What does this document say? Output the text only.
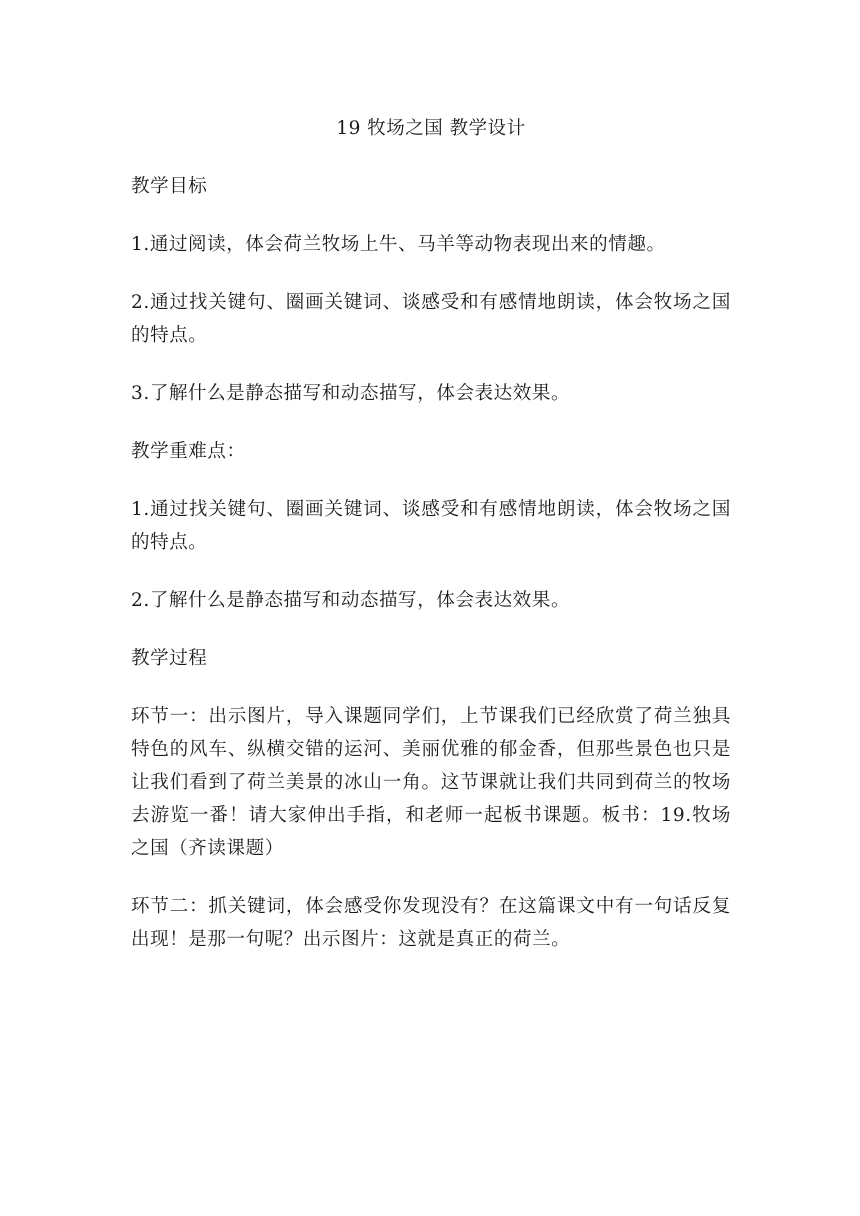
19 牧场之国 教学设计
教学目标
1.通过阅读，体会荷兰牧场上牛、马羊等动物表现出来的情趣。
2.通过找关键句、圈画关键词、谈感受和有感情地朗读，体会牧场之国的特点。
3.了解什么是静态描写和动态描写，体会表达效果。
教学重难点：
1.通过找关键句、圈画关键词、谈感受和有感情地朗读，体会牧场之国的特点。
2.了解什么是静态描写和动态描写，体会表达效果。
教学过程
环节一：出示图片，导入课题同学们，上节课我们已经欣赏了荷兰独具特色的风车、纵横交错的运河、美丽优雅的郁金香，但那些景色也只是让我们看到了荷兰美景的冰山一角。这节课就让我们共同到荷兰的牧场去游览一番！请大家伸出手指，和老师一起板书课题。板书：19.牧场之国（齐读课题）
环节二：抓关键词，体会感受你发现没有？在这篇课文中有一句话反复出现！是那一句呢？出示图片：这就是真正的荷兰。
